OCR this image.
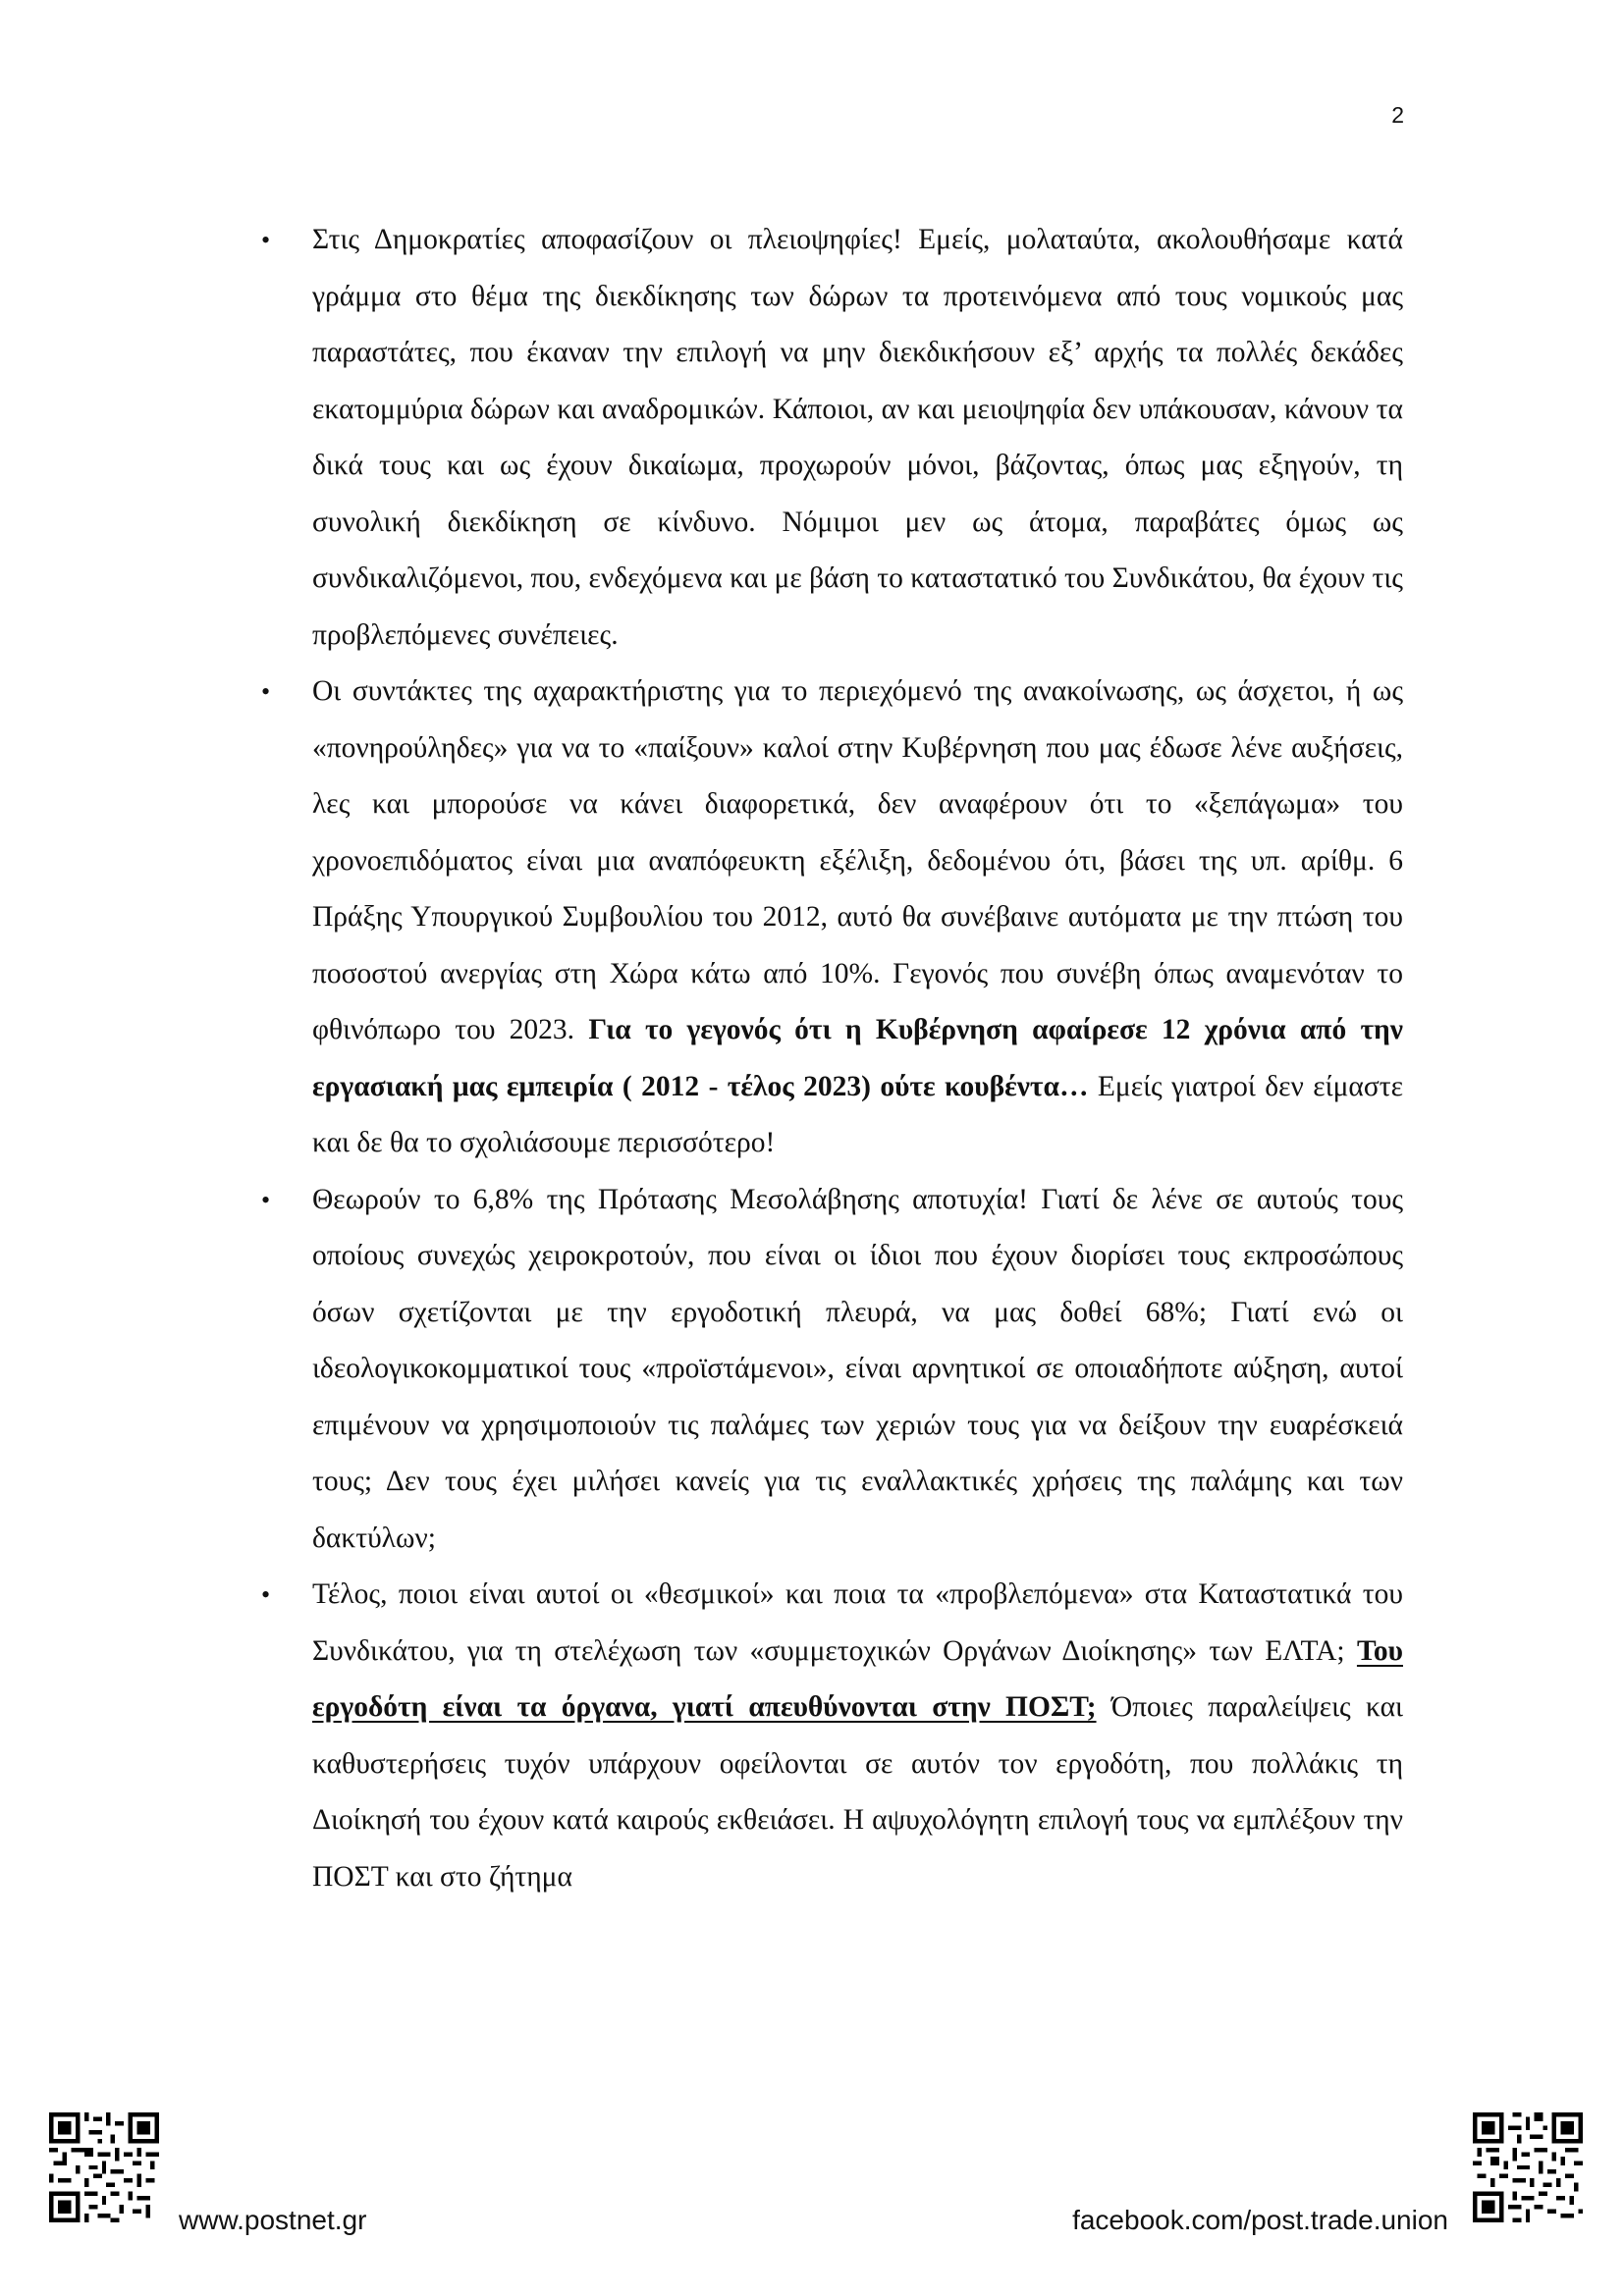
2
• Στις Δημοκρατίες αποφασίζουν οι πλειοψηφίες! Εμείς, μολαταύτα, ακολουθήσαμε κατά γράμμα στο θέμα της διεκδίκησης των δώρων τα προτεινόμενα από τους νομικούς μας παραστάτες, που έκαναν την επιλογή να μην διεκδικήσουν εξ’ αρχής τα πολλές δεκάδες εκατομμύρια δώρων και αναδρομικών. Κάποιοι, αν και μειοψηφία δεν υπάκουσαν, κάνουν τα δικά τους και ως έχουν δικαίωμα, προχωρούν μόνοι, βάζοντας, όπως μας εξηγούν, τη συνολική διεκδίκηση σε κίνδυνο. Νόμιμοι μεν ως άτομα, παραβάτες όμως ως συνδικαλιζόμενοι, που, ενδεχόμενα και με βάση το καταστατικό του Συνδικάτου, θα έχουν τις προβλεπόμενες συνέπειες.
• Οι συντάκτες της αχαρακτήριστης για το περιεχόμενό της ανακοίνωσης, ως άσχετοι, ή ως «πονηρούληδες» για να το «παίξουν» καλοί στην Κυβέρνηση που μας έδωσε λένε αυξήσεις, λες και μπορούσε να κάνει διαφορετικά, δεν αναφέρουν ότι το «ξεπάγωμα» του χρονοεπιδόματος είναι μια αναπόφευκτη εξέλιξη, δεδομένου ότι, βάσει της υπ. αρίθμ. 6 Πράξης Υπουργικού Συμβουλίου του 2012, αυτό θα συνέβαινε αυτόματα με την πτώση του ποσοστού ανεργίας στη Χώρα κάτω από 10%. Γεγονός που συνέβη όπως αναμενόταν το φθινόπωρο του 2023. Για το γεγονός ότι η Κυβέρνηση αφαίρεσε 12 χρόνια από την εργασιακή μας εμπειρία ( 2012 - τέλος 2023) ούτε κουβέντα… Εμείς γιατροί δεν είμαστε και δε θα το σχολιάσουμε περισσότερο!
• Θεωρούν το 6,8% της Πρότασης Μεσολάβησης αποτυχία! Γιατί δε λένε σε αυτούς τους οποίους συνεχώς χειροκροτούν, που είναι οι ίδιοι που έχουν διορίσει τους εκπροσώπους όσων σχετίζονται με την εργοδοτική πλευρά, να μας δοθεί 68%; Γιατί ενώ οι ιδεολογικοκομματικοί τους «προϊστάμενοι», είναι αρνητικοί σε οποιαδήποτε αύξηση, αυτοί επιμένουν να χρησιμοποιούν τις παλάμες των χεριών τους για να δείξουν την ευαρέσκειά τους; Δεν τους έχει μιλήσει κανείς για τις εναλλακτικές χρήσεις της παλάμης και των δακτύλων;
• Τέλος, ποιοι είναι αυτοί οι «θεσμικοί» και ποια τα «προβλεπόμενα» στα Καταστατικά του Συνδικάτου, για τη στελέχωση των «συμμετοχικών Οργάνων Διοίκησης» των ΕΛΤΑ; Του εργοδότη είναι τα όργανα, γιατί απευθύνονται στην ΠΟΣΤ; Όποιες παραλείψεις και καθυστερήσεις τυχόν υπάρχουν οφείλονται σε αυτόν τον εργοδότη, που πολλάκις τη Διοίκησή του έχουν κατά καιρούς εκθειάσει. Η αψυχολόγητη επιλογή τους να εμπλέξουν την ΠΟΣΤ και στο ζήτημα
www.postnet.gr	facebook.com/post.trade.union
